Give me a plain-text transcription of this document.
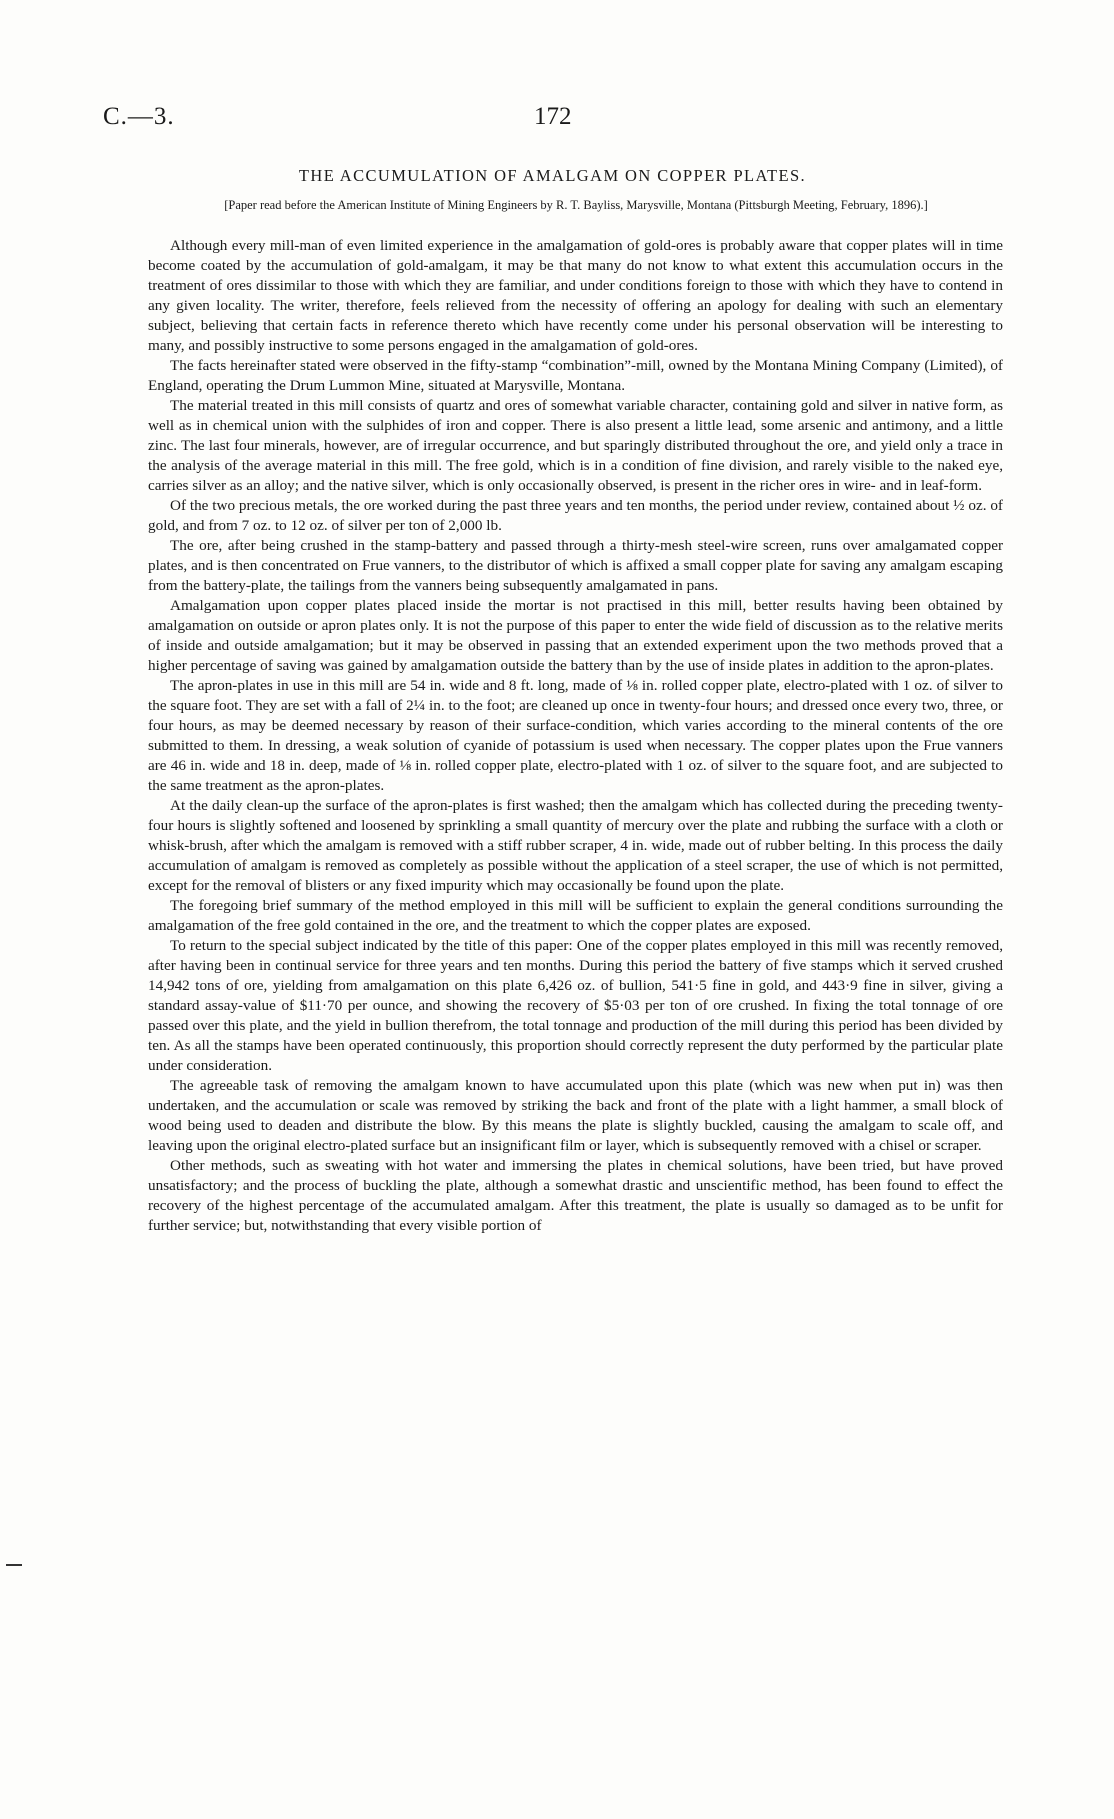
C.—3.	172
THE ACCUMULATION OF AMALGAM ON COPPER PLATES.
[Paper read before the American Institute of Mining Engineers by R. T. Bayliss, Marysville, Montana (Pittsburgh Meeting, February, 1896).]

Although every mill-man of even limited experience in the amalgamation of gold-ores is probably aware that copper plates will in time become coated by the accumulation of gold-amalgam, it may be that many do not know to what extent this accumulation occurs in the treatment of ores dissimilar to those with which they are familiar, and under conditions foreign to those with which they have to contend in any given locality. The writer, therefore, feels relieved from the necessity of offering an apology for dealing with such an elementary subject, believing that certain facts in reference thereto which have recently come under his personal observation will be interesting to many, and possibly instructive to some persons engaged in the amalgamation of gold-ores.

The facts hereinafter stated were observed in the fifty-stamp “combination”-mill, owned by the Montana Mining Company (Limited), of England, operating the Drum Lummon Mine, situated at Marysville, Montana.

The material treated in this mill consists of quartz and ores of somewhat variable character, containing gold and silver in native form, as well as in chemical union with the sulphides of iron and copper. There is also present a little lead, some arsenic and antimony, and a little zinc. The last four minerals, however, are of irregular occurrence, and but sparingly distributed throughout the ore, and yield only a trace in the analysis of the average material in this mill. The free gold, which is in a condition of fine division, and rarely visible to the naked eye, carries silver as an alloy; and the native silver, which is only occasionally observed, is present in the richer ores in wire- and in leaf-form.

Of the two precious metals, the ore worked during the past three years and ten months, the period under review, contained about ½ oz. of gold, and from 7 oz. to 12 oz. of silver per ton of 2,000 lb.

The ore, after being crushed in the stamp-battery and passed through a thirty-mesh steel-wire screen, runs over amalgamated copper plates, and is then concentrated on Frue vanners, to the distributor of which is affixed a small copper plate for saving any amalgam escaping from the battery-plate, the tailings from the vanners being subsequently amalgamated in pans.

Amalgamation upon copper plates placed inside the mortar is not practised in this mill, better results having been obtained by amalgamation on outside or apron plates only. It is not the purpose of this paper to enter the wide field of discussion as to the relative merits of inside and outside amalgamation; but it may be observed in passing that an extended experiment upon the two methods proved that a higher percentage of saving was gained by amalgamation outside the battery than by the use of inside plates in addition to the apron-plates.

The apron-plates in use in this mill are 54 in. wide and 8 ft. long, made of ⅛ in. rolled copper plate, electro-plated with 1 oz. of silver to the square foot. They are set with a fall of 2¼ in. to the foot; are cleaned up once in twenty-four hours; and dressed once every two, three, or four hours, as may be deemed necessary by reason of their surface-condition, which varies according to the mineral contents of the ore submitted to them. In dressing, a weak solution of cyanide of potassium is used when necessary. The copper plates upon the Frue vanners are 46 in. wide and 18 in. deep, made of ⅛ in. rolled copper plate, electro-plated with 1 oz. of silver to the square foot, and are subjected to the same treatment as the apron-plates.

At the daily clean-up the surface of the apron-plates is first washed; then the amalgam which has collected during the preceding twenty-four hours is slightly softened and loosened by sprinkling a small quantity of mercury over the plate and rubbing the surface with a cloth or whisk-brush, after which the amalgam is removed with a stiff rubber scraper, 4 in. wide, made out of rubber belting. In this process the daily accumulation of amalgam is removed as completely as possible without the application of a steel scraper, the use of which is not permitted, except for the removal of blisters or any fixed impurity which may occasionally be found upon the plate.

The foregoing brief summary of the method employed in this mill will be sufficient to explain the general conditions surrounding the amalgamation of the free gold contained in the ore, and the treatment to which the copper plates are exposed.

To return to the special subject indicated by the title of this paper: One of the copper plates employed in this mill was recently removed, after having been in continual service for three years and ten months. During this period the battery of five stamps which it served crushed 14,942 tons of ore, yielding from amalgamation on this plate 6,426 oz. of bullion, 541·5 fine in gold, and 443·9 fine in silver, giving a standard assay-value of $11·70 per ounce, and showing the recovery of $5·03 per ton of ore crushed. In fixing the total tonnage of ore passed over this plate, and the yield in bullion therefrom, the total tonnage and production of the mill during this period has been divided by ten. As all the stamps have been operated continuously, this proportion should correctly represent the duty performed by the particular plate under consideration.

The agreeable task of removing the amalgam known to have accumulated upon this plate (which was new when put in) was then undertaken, and the accumulation or scale was removed by striking the back and front of the plate with a light hammer, a small block of wood being used to deaden and distribute the blow. By this means the plate is slightly buckled, causing the amalgam to scale off, and leaving upon the original electro-plated surface but an insignificant film or layer, which is subsequently removed with a chisel or scraper.

Other methods, such as sweating with hot water and immersing the plates in chemical solutions, have been tried, but have proved unsatisfactory; and the process of buckling the plate, although a somewhat drastic and unscientific method, has been found to effect the recovery of the highest percentage of the accumulated amalgam. After this treatment, the plate is usually so damaged as to be unfit for further service; but, notwithstanding that every visible portion of
